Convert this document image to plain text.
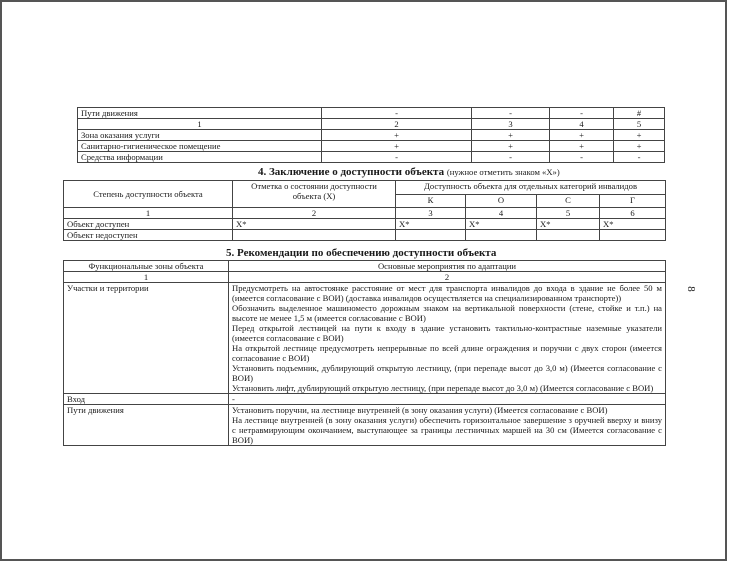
8
Пути движения	-	-	-	#
1	2	3	4	5
Зона оказания услуги	+	+	+	+
Санитарно-гигиеническое помещение	+	+	+	+
Средства информации	-	-	-	-
4. Заключение о доступности объекта (нужное отметить знаком «Х»)
Степень доступности объекта	Отметка о состоянии доступности объекта (Х)	Доступность объекта для отдельных категорий инвалидов			
		К	О	С	Г
1	2	3	4	5	6
Объект доступен	Х*	Х*	Х*	Х*	Х*
Объект недоступен					
5. Рекомендации по обеспечению доступности объекта
Функциональные зоны объекта	Основные мероприятия по адаптации
1	2
Участки и территории	Предусмотреть на автостоянке расстояние от мест для транспорта инвалидов до входа в здание не более 50 м (имеется согласование с ВОИ) (доставка инвалидов осуществляется на специализированном транспорте))
Обозначить выделенное машиноместо дорожным знаком на вертикальной поверхности (стене, стойке и т.п.) на высоте не менее 1,5 м (имеется согласование с ВОИ)
Перед открытой лестницей на пути к входу в здание установить тактильно-контрастные наземные указатели (имеется согласование с ВОИ)
На открытой лестнице предусмотреть непрерывные по всей длине ограждения и поручни с двух сторон (имеется согласование с ВОИ)
Установить подъемник, дублирующий открытую лестницу, (при перепаде высот до 3,0 м) (Имеется согласование с ВОИ)
Установить лифт, дублирующий открытую лестницу, (при перепаде высот до 3,0 м) (Имеется согласование с ВОИ)

Вход	-
Пути движения	Установить поручни, на лестнице внутренней (в зону оказания услуги) (Имеется согласование с ВОИ)
На лестнице внутренней (в зону оказания услуги) обеспечить горизонтальное завершение з оручней вверху и внизу с нетравмирующим окончанием, выступающее за границы лестничных маршей на 30 см (Имеется согласование с ВОИ)
